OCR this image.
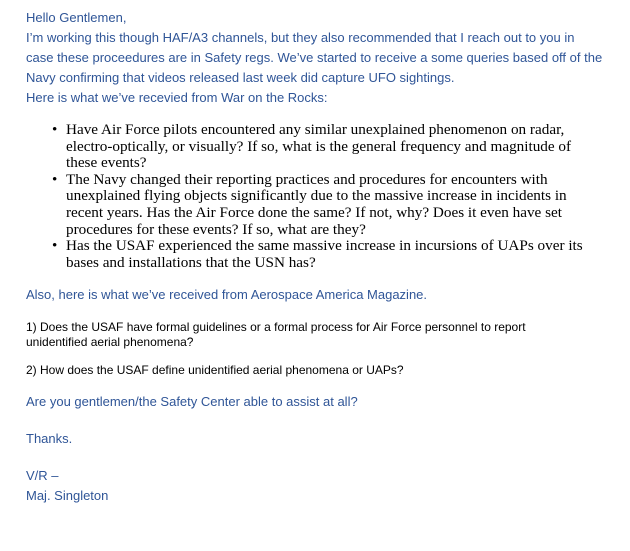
Hello Gentlemen,

I’m working this though HAF/A3 channels, but they also recommended that I reach out to you in

case these proceedures are in Safety regs. We’ve started to receive a some queries based off of the

Navy confirming that videos released last week did capture UFO sightings.

Here is what we’ve recevied from War on the Rocks:

• Have Air Force pilots encountered any similar unexplained phenomenon on radar,
electro-optically, or visually? If so, what is the general frequency and magnitude of
these events?
• The Navy changed their reporting practices and procedures for encounters with
unexplained flying objects significantly due to the massive increase in incidents in
recent years. Has the Air Force done the same? If not, why? Does it even have set
procedures for these events? If so, what are they?
• Has the USAF experienced the same massive increase in incursions of UAPs over its
bases and installations that the USN has?

Also, here is what we’ve received from Aerospace America Magazine.

1) Does the USAF have formal guidelines or a formal process for Air Force personnel to report

unidentified aerial phenomena?

2) How does the USAF define unidentified aerial phenomena or UAPs?

Are you gentlemen/the Safety Center able to assist at all?

Thanks.

V/R –

Maj. Singleton
